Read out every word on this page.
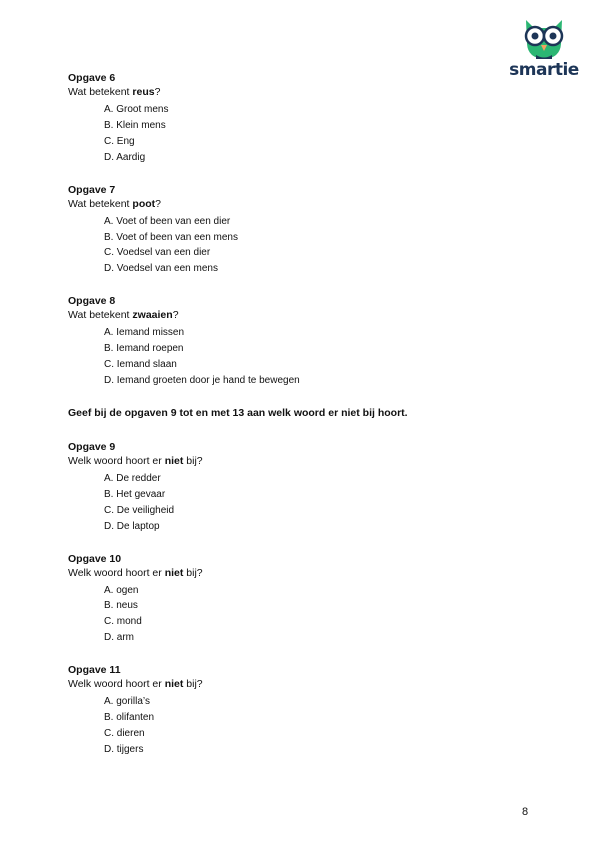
smartie

Opgave 6

Wat betekent reus?

A. Groot mens
B. Klein mens
C. Eng
D. Aardig

Opgave 7

Wat betekent poot?

A. Voet of been van een dier
B. Voet of been van een mens
C. Voedsel van een dier
D. Voedsel van een mens

Opgave 8

Wat betekent zwaaien?

A. Iemand missen
B. Iemand roepen
C. Iemand slaan
D. Iemand groeten door je hand te bewegen

Geef bij de opgaven 9 tot en met 13 aan welk woord er niet bij hoort.

Opgave 9

Welk woord hoort er niet bij?

A. De redder
B. Het gevaar
C. De veiligheid
D. De laptop

Opgave 10

Welk woord hoort er niet bij?

A. ogen
B. neus
C. mond
D. arm

Opgave 11

Welk woord hoort er niet bij?

A. gorilla’s
B. olifanten
C. dieren
D. tijgers
8
